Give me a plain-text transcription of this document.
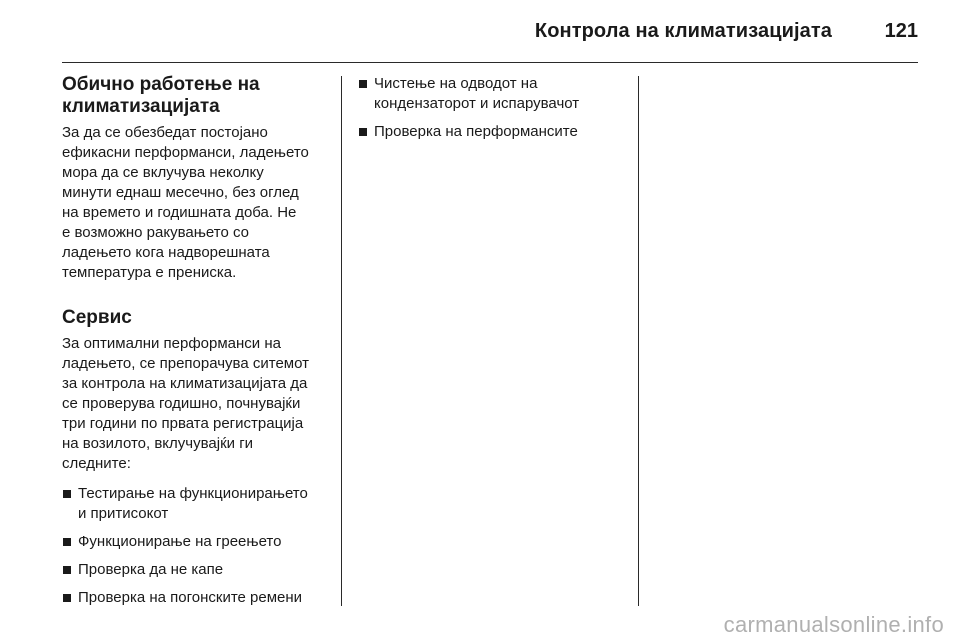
Контрола на климатизацијата	121
Обично работење на
климатизацијата

За да се обезбедат постојано
ефикасни перформанси, ладењето
мора да се вклучува неколку
минути еднаш месечно, без оглед
на времето и годишната доба. Не
е возможно ракувањето со
ладењето кога надворешната
температура е прениска.

Сервис

За оптимални перформанси на
ладењето, се препорачува ситемот
за контрола на климатизацијата да
се проверува годишно, почнувајќи
три години по првата регистрација
на возилото, вклучувајќи ги
следните:

Тестирање на функционирањето
и притисокот
Функционирање на греењето
Проверка да не капе
Проверка на погонските ремени
Чистење на одводот на
кондензаторот и испарувачот
Проверка на перформансите
carmanualsonline.info
